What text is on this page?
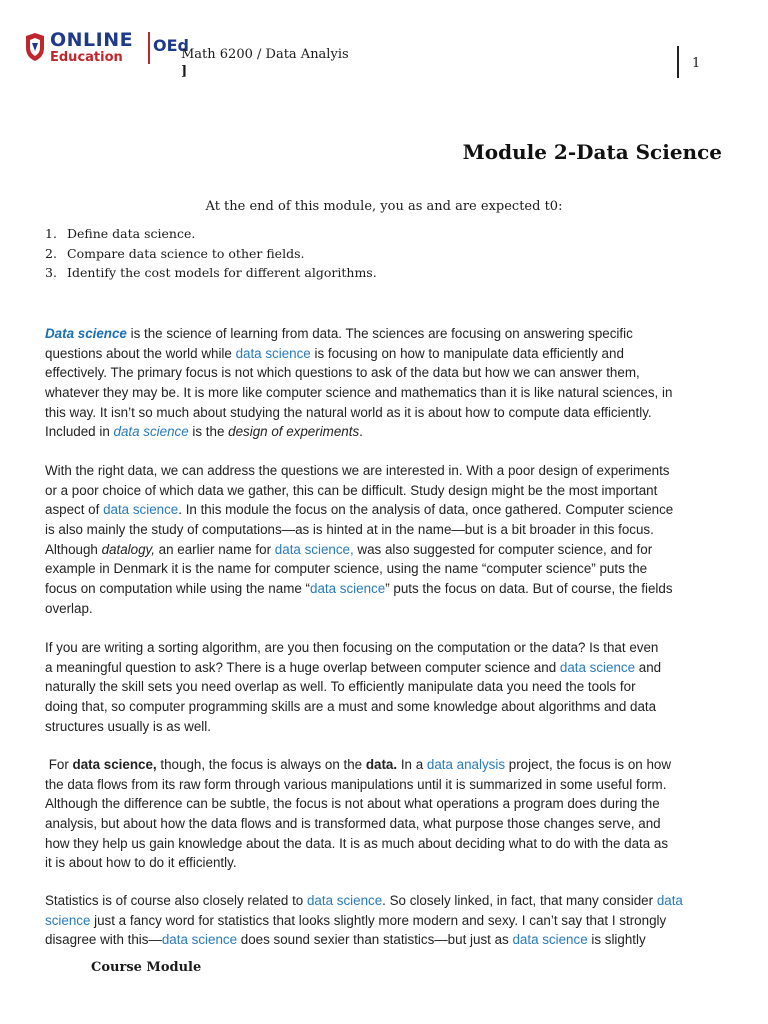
ONLINE
Education
OEd
Math 6200 / Data Analyis
]
1
Module 2-Data Science
At the end of this module, you as and are expected t0:
1. Define data science.
2. Compare data science to other fields.
3. Identify the cost models for different algorithms.
Data science is the science of learning from data. The sciences are focusing on answering specific
questions about the world while data science is focusing on how to manipulate data efficiently and
effectively. The primary focus is not which questions to ask of the data but how we can answer them,
whatever they may be. It is more like computer science and mathematics than it is like natural sciences, in
this way. It isn’t so much about studying the natural world as it is about how to compute data efficiently.
Included in data science is the design of experiments.
With the right data, we can address the questions we are interested in. With a poor design of experiments
or a poor choice of which data we gather, this can be difficult. Study design might be the most important
aspect of data science. In this module the focus on the analysis of data, once gathered. Computer science
is also mainly the study of computations—as is hinted at in the name—but is a bit broader in this focus.
Although datalogy, an earlier name for data science, was also suggested for computer science, and for
example in Denmark it is the name for computer science, using the name “computer science” puts the
focus on computation while using the name “data science” puts the focus on data. But of course, the fields
overlap.
If you are writing a sorting algorithm, are you then focusing on the computation or the data? Is that even
a meaningful question to ask? There is a huge overlap between computer science and data science and
naturally the skill sets you need overlap as well. To efficiently manipulate data you need the tools for
doing that, so computer programming skills are a must and some knowledge about algorithms and data
structures usually is as well.
For data science, though, the focus is always on the data. In a data analysis project, the focus is on how
the data flows from its raw form through various manipulations until it is summarized in some useful form.
Although the difference can be subtle, the focus is not about what operations a program does during the
analysis, but about how the data flows and is transformed data, what purpose those changes serve, and
how they help us gain knowledge about the data. It is as much about deciding what to do with the data as
it is about how to do it efficiently.
Statistics is of course also closely related to data science. So closely linked, in fact, that many consider data
science just a fancy word for statistics that looks slightly more modern and sexy. I can’t say that I strongly
disagree with this—data science does sound sexier than statistics—but just as data science is slightly
Course Module
